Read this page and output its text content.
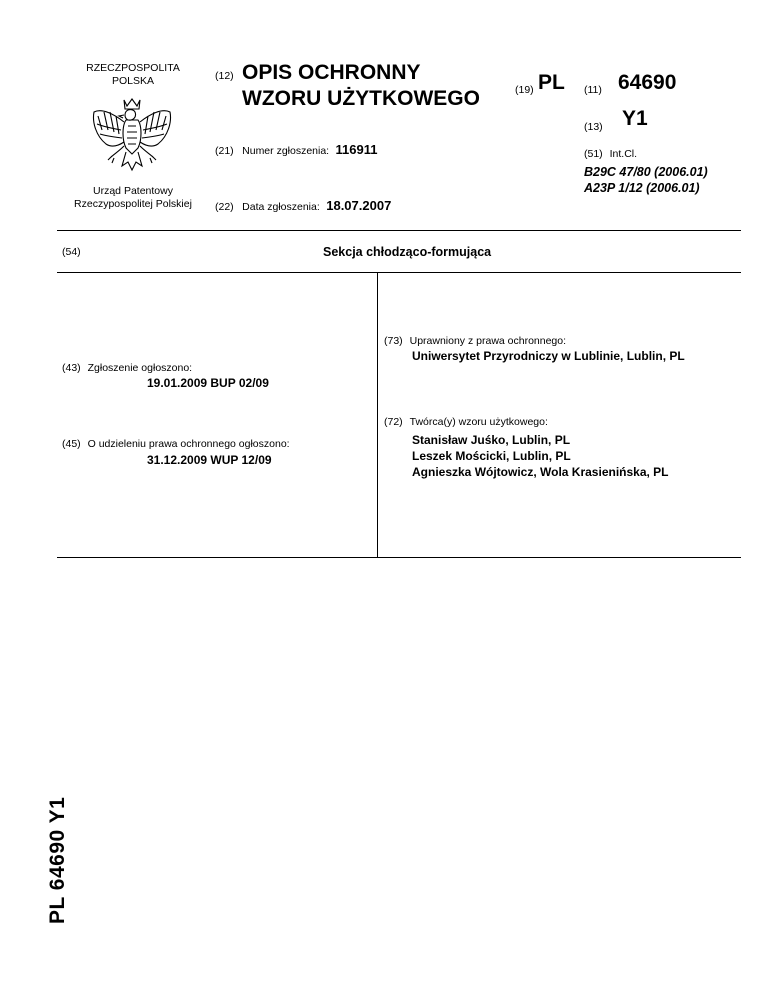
RZECZPOSPOLITA
POLSKA
Urząd Patentowy
Rzeczypospolitej Polskiej
(12) OPIS OCHRONNY
WZORU UŻYTKOWEGO	(19) PL (11) 64690
(13) Y1
(21) Numer zgłoszenia: 116911	(51) Int.Cl.
B29C 47/80 (2006.01)
A23P 1/12 (2006.01)
(22) Data zgłoszenia: 18.07.2007
(54)	Sekcja chłodząco-formująca
(43) Zgłoszenie ogłoszono:
19.01.2009 BUP 02/09
(45) O udzieleniu prawa ochronnego ogłoszono:
31.12.2009 WUP 12/09
(73) Uprawniony z prawa ochronnego:
Uniwersytet Przyrodniczy w Lublinie, Lublin, PL
(72) Twórca(y) wzoru użytkowego:
Stanisław Juśko, Lublin, PL
Leszek Mościcki, Lublin, PL
Agnieszka Wójtowicz, Wola Krasienińska, PL
PL 64690 Y1
